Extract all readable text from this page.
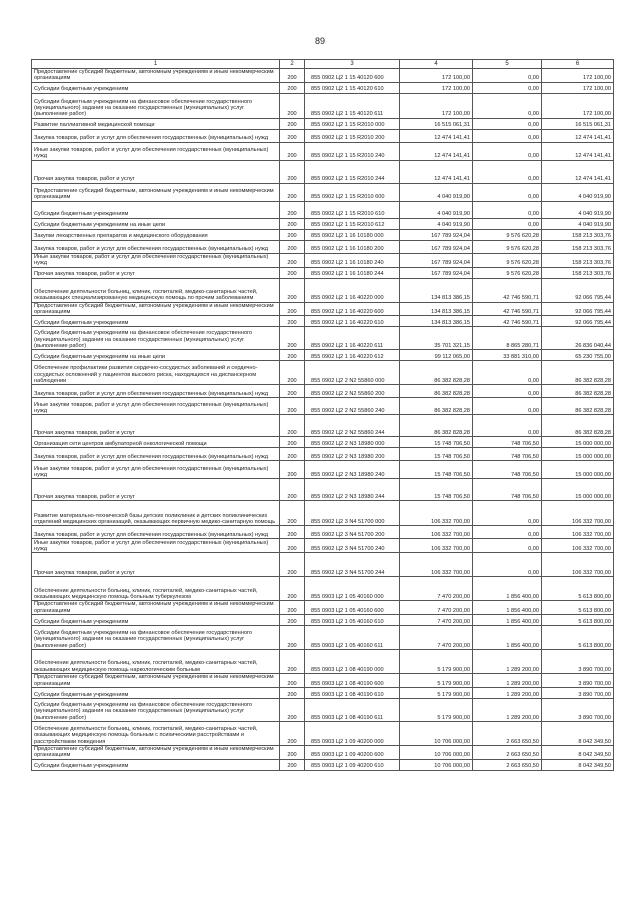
89
1	2	3	4	5	6
Предоставление субсидий бюджетным, автономным учреждениям и иным некоммерческим организациям	200	855 0902 Ц2 1 15 40120 600	172 100,00	0,00	172 100,00
Субсидии бюджетным учреждениям	200	855 0902 Ц2 1 15 40120 610	172 100,00	0,00	172 100,00
Субсидии бюджетным учреждениям на финансовое обеспечение государственного (муниципального) задания на оказание государственных (муниципальных) услуг (выполнение работ)	200	855 0902 Ц2 1 15 40120 611	172 100,00	0,00	172 100,00
Развитие паллиативной медицинской помощи	200	855 0902 Ц2 1 15 R2010 000	16 515 061,31	0,00	16 515 061,31
Закупка товаров, работ и услуг для обеспечения государственных (муниципальных) нужд	200	855 0902 Ц2 1 15 R2010 200	12 474 141,41	0,00	12 474 141,41
Иные закупки товаров, работ и услуг для обеспечения государственных (муниципальных) нужд	200	855 0902 Ц2 1 15 R2010 240	12 474 141,41	0,00	12 474 141,41
Прочая закупка товаров, работ и услуг	200	855 0902 Ц2 1 15 R2010 244	12 474 141,41	0,00	12 474 141,41
Предоставление субсидий бюджетным, автономным учреждениям и иным некоммерческим организациям	200	855 0902 Ц2 1 15 R2010 600	4 040 919,90	0,00	4 040 919,90
Субсидии бюджетным учреждениям	200	855 0902 Ц2 1 15 R2010 610	4 040 919,90	0,00	4 040 919,90
Субсидии бюджетным учреждениям на иные цели	200	855 0902 Ц2 1 15 R2010 612	4 040 919,90	0,00	4 040 919,90
Закупки лекарственных препаратов и медицинского оборудования	200	855 0902 Ц2 1 16 10180 000	167 789 924,04	9 576 620,28	158 213 303,76
Закупка товаров, работ и услуг для обеспечения государственных (муниципальных) нужд	200	855 0902 Ц2 1 16 10180 200	167 789 924,04	9 576 620,28	158 213 303,76
Иные закупки товаров, работ и услуг для обеспечения государственных (муниципальных) нужд	200	855 0902 Ц2 1 16 10180 240	167 789 924,04	9 576 620,28	158 213 303,76
Прочая закупка товаров, работ и услуг	200	855 0902 Ц2 1 16 10180 244	167 789 924,04	9 576 620,28	158 213 303,76
Обеспечение деятельности больниц, клиник, госпиталей, медико-санитарных частей, оказывающих специализированную медицинскую помощь по прочим заболеваниям	200	855 0902 Ц2 1 16 40220 000	134 813 386,15	42 746 590,71	92 066 795,44
Предоставление субсидий бюджетным, автономным учреждениям и иным некоммерческим организациям	200	855 0902 Ц2 1 16 40220 600	134 813 386,15	42 746 590,71	92 066 795,44
Субсидии бюджетным учреждениям	200	855 0902 Ц2 1 16 40220 610	134 813 386,15	42 746 590,71	92 066 795,44
Субсидии бюджетным учреждениям на финансовое обеспечение государственного (муниципального) задания на оказание государственных (муниципальных) услуг (выполнение работ)	200	855 0902 Ц2 1 16 40220 611	35 701 321,15	8 865 280,71	26 836 040,44
Субсидии бюджетным учреждениям на иные цели	200	855 0902 Ц2 1 16 40220 612	99 112 065,00	33 881 310,00	65 230 755,00
Обеспечение профилактики развития сердечно-сосудистых заболеваний и сердечно-сосудистых осложнений у пациентов высокого риска, находящихся на диспансерном наблюдении	200	855 0902 Ц2 2 N2 55860 000	86 382 828,28	0,00	86 382 828,28
Закупка товаров, работ и услуг для обеспечения государственных (муниципальных) нужд	200	855 0902 Ц2 2 N2 55860 200	86 382 828,28	0,00	86 382 828,28
Иные закупки товаров, работ и услуг для обеспечения государственных (муниципальных) нужд	200	855 0902 Ц2 2 N2 55860 240	86 382 828,28	0,00	86 382 828,28
Прочая закупка товаров, работ и услуг	200	855 0902 Ц2 2 N2 55860 244	86 382 828,28	0,00	86 382 828,28
Организация сети центров амбулаторной онкологической помощи	200	855 0902 Ц2 2 N3 18980 000	15 748 706,50	748 706,50	15 000 000,00
Закупка товаров, работ и услуг для обеспечения государственных (муниципальных) нужд	200	855 0902 Ц2 2 N3 18980 200	15 748 706,50	748 706,50	15 000 000,00
Иные закупки товаров, работ и услуг для обеспечения государственных (муниципальных) нужд	200	855 0902 Ц2 2 N3 18980 240	15 748 706,50	748 706,50	15 000 000,00
Прочая закупка товаров, работ и услуг	200	855 0902 Ц2 2 N3 18980 244	15 748 706,50	748 706,50	15 000 000,00
Развитие материально-технической базы детских поликлиник и детских поликлинических отделений медицинских организаций, оказывающих первичную медико-санитарную помощь	200	855 0902 Ц2 3 N4 51700 000	106 332 700,00	0,00	106 332 700,00
Закупка товаров, работ и услуг для обеспечения государственных (муниципальных) нужд	200	855 0902 Ц2 3 N4 51700 200	106 332 700,00	0,00	106 332 700,00
Иные закупки товаров, работ и услуг для обеспечения государственных (муниципальных) нужд	200	855 0902 Ц2 3 N4 51700 240	106 332 700,00	0,00	106 332 700,00
Прочая закупка товаров, работ и услуг	200	855 0902 Ц2 3 N4 51700 244	106 332 700,00	0,00	106 332 700,00
Обеспечение деятельности больниц, клиник, госпиталей, медико-санитарных частей, оказывающих медицинскую помощь больным туберкулезом	200	855 0903 Ц2 1 05 40160 000	7 470 200,00	1 856 400,00	5 613 800,00
Предоставление субсидий бюджетным, автономным учреждениям и иным некоммерческим организациям	200	855 0903 Ц2 1 05 40160 600	7 470 200,00	1 856 400,00	5 613 800,00
Субсидии бюджетным учреждениям	200	855 0903 Ц2 1 05 40160 610	7 470 200,00	1 856 400,00	5 613 800,00
Субсидии бюджетным учреждениям на финансовое обеспечение государственного (муниципального) задания на оказание государственных (муниципальных) услуг (выполнение работ)	200	855 0903 Ц2 1 05 40160 611	7 470 200,00	1 856 400,00	5 613 800,00
Обеспечение деятельности больниц, клиник, госпиталей, медико-санитарных частей, оказывающих медицинскую помощь наркологическим больным	200	855 0903 Ц2 1 08 40190 000	5 179 900,00	1 289 200,00	3 890 700,00
Предоставление субсидий бюджетным, автономным учреждениям и иным некоммерческим организациям	200	855 0903 Ц2 1 08 40190 600	5 179 900,00	1 289 200,00	3 890 700,00
Субсидии бюджетным учреждениям	200	855 0903 Ц2 1 08 40190 610	5 179 900,00	1 289 200,00	3 890 700,00
Субсидии бюджетным учреждениям на финансовое обеспечение государственного (муниципального) задания на оказание государственных (муниципальных) услуг (выполнение работ)	200	855 0903 Ц2 1 08 40190 611	5 179 900,00	1 289 200,00	3 890 700,00
Обеспечение деятельности больниц, клиник, госпиталей, медико-санитарных частей, оказывающих медицинскую помощь больным с психическими расстройствами и расстройствами поведения	200	855 0903 Ц2 1 09 40200 000	10 706 000,00	2 663 650,50	8 042 349,50
Предоставление субсидий бюджетным, автономным учреждениям и иным некоммерческим организациям	200	855 0903 Ц2 1 09 40200 600	10 706 000,00	2 663 650,50	8 042 349,50
Субсидии бюджетным учреждениям	200	855 0903 Ц2 1 09 40200 610	10 706 000,00	2 663 650,50	8 042 349,50
